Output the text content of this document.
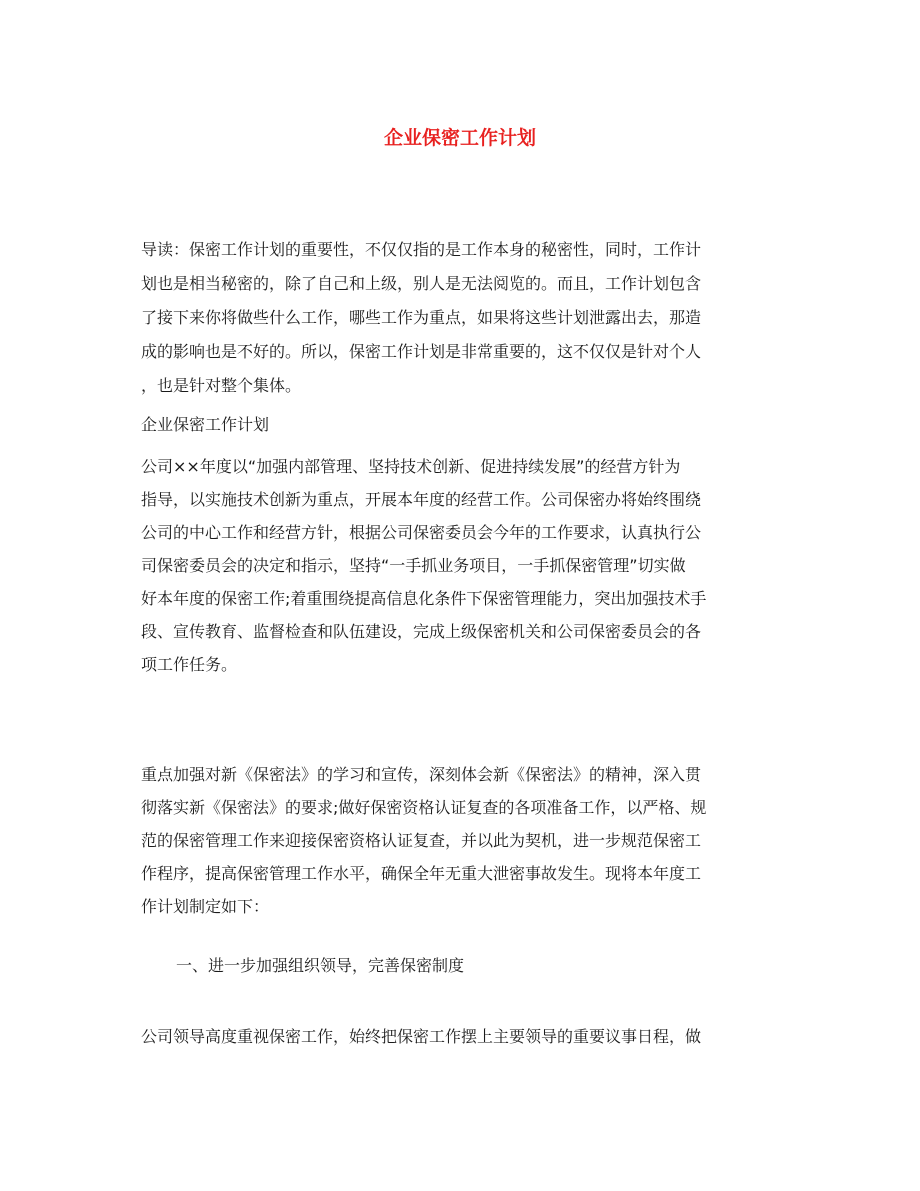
企业保密工作计划
导读：保密工作计划的重要性，不仅仅指的是工作本身的秘密性，同时，工作计
划也是相当秘密的，除了自己和上级，别人是无法阅览的。而且，工作计划包含
了接下来你将做些什么工作，哪些工作为重点，如果将这些计划泄露出去，那造
成的影响也是不好的。所以，保密工作计划是非常重要的，这不仅仅是针对个人
，也是针对整个集体。
企业保密工作计划
公司××年度以“加强内部管理、坚持技术创新、促进持续发展”的经营方针为
指导，以实施技术创新为重点，开展本年度的经营工作。公司保密办将始终围绕
公司的中心工作和经营方针，根据公司保密委员会今年的工作要求，认真执行公
司保密委员会的决定和指示，坚持“一手抓业务项目，一手抓保密管理”切实做
好本年度的保密工作;着重围绕提高信息化条件下保密管理能力，突出加强技术手
段、宣传教育、监督检查和队伍建设，完成上级保密机关和公司保密委员会的各
项工作任务。
重点加强对新《保密法》的学习和宣传，深刻体会新《保密法》的精神，深入贯
彻落实新《保密法》的要求;做好保密资格认证复查的各项准备工作，以严格、规
范的保密管理工作来迎接保密资格认证复查，并以此为契机，进一步规范保密工
作程序，提高保密管理工作水平，确保全年无重大泄密事故发生。现将本年度工
作计划制定如下：
一、进一步加强组织领导，完善保密制度
公司领导高度重视保密工作，始终把保密工作摆上主要领导的重要议事日程，做
